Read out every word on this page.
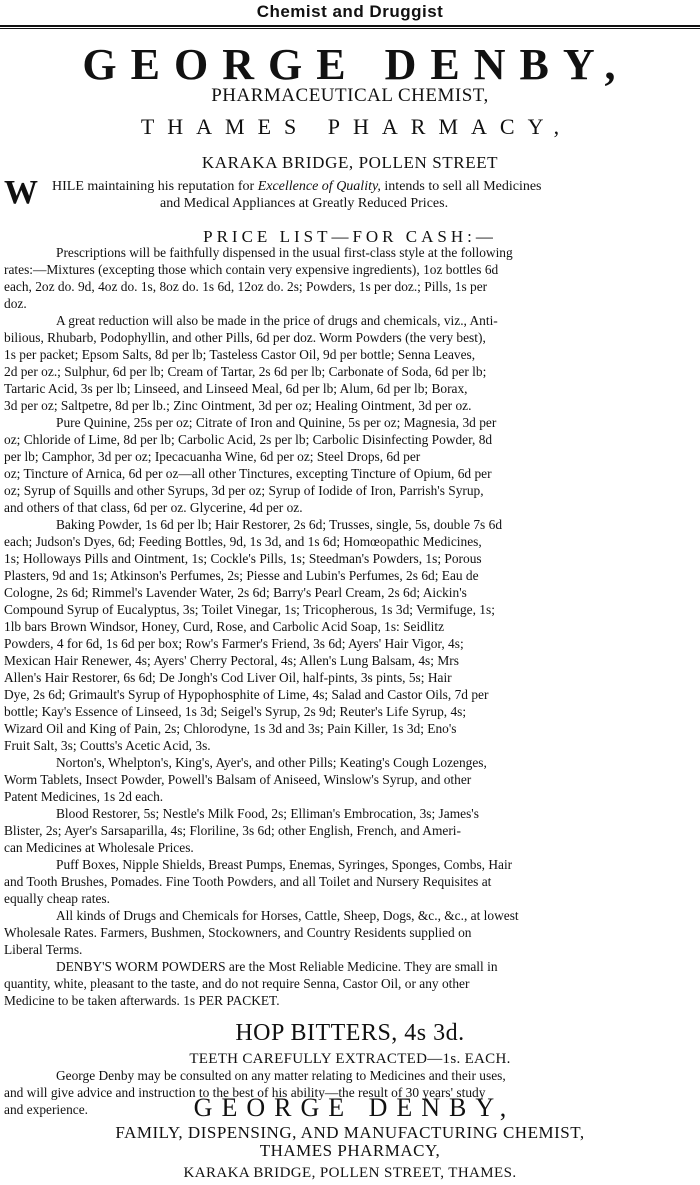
Chemist and Druggist
GEORGE DENBY,
PHARMACEUTICAL CHEMIST,
THAMES PHARMACY,
KARAKA BRIDGE, POLLEN STREET
W HILE maintaining his reputation for Excellence of Quality, intends to sell all Medicines
and Medical Appliances at Greatly Reduced Prices.
PRICE LIST—FOR CASH:—
Prescriptions will be faithfully dispensed in the usual first-class style at the following
rates:—Mixtures (excepting those which contain very expensive ingredients), 1oz bottles 6d
each, 2oz do. 9d, 4oz do. 1s, 8oz do. 1s 6d, 12oz do. 2s; Powders, 1s per doz.; Pills, 1s per
doz.
A great reduction will also be made in the price of drugs and chemicals, viz., Anti-
bilious, Rhubarb, Podophyllin, and other Pills, 6d per doz. Worm Powders (the very best),
1s per packet; Epsom Salts, 8d per lb; Tasteless Castor Oil, 9d per bottle; Senna Leaves,
2d per oz.; Sulphur, 6d per lb; Cream of Tartar, 2s 6d per lb; Carbonate of Soda, 6d per lb;
Tartaric Acid, 3s per lb; Linseed, and Linseed Meal, 6d per lb; Alum, 6d per lb; Borax,
3d per oz; Saltpetre, 8d per lb.; Zinc Ointment, 3d per oz; Healing Ointment, 3d per oz.
Pure Quinine, 25s per oz; Citrate of Iron and Quinine, 5s per oz; Magnesia, 3d per
oz; Chloride of Lime, 8d per lb; Carbolic Acid, 2s per lb; Carbolic Disinfecting Powder, 8d
per lb; Camphor, 3d per oz; Ipecacuanha Wine, 6d per oz; Steel Drops, 6d per
oz; Tincture of Arnica, 6d per oz—all other Tinctures, excepting Tincture of Opium, 6d per
oz; Syrup of Squills and other Syrups, 3d per oz; Syrup of Iodide of Iron, Parrish's Syrup,
and others of that class, 6d per oz. Glycerine, 4d per oz.
Baking Powder, 1s 6d per lb; Hair Restorer, 2s 6d; Trusses, single, 5s, double 7s 6d
each; Judson's Dyes, 6d; Feeding Bottles, 9d, 1s 3d, and 1s 6d; Homœopathic Medicines,
1s; Holloways Pills and Ointment, 1s; Cockle's Pills, 1s; Steedman's Powders, 1s; Porous
Plasters, 9d and 1s; Atkinson's Perfumes, 2s; Piesse and Lubin's Perfumes, 2s 6d; Eau de
Cologne, 2s 6d; Rimmel's Lavender Water, 2s 6d; Barry's Pearl Cream, 2s 6d; Aickin's
Compound Syrup of Eucalyptus, 3s; Toilet Vinegar, 1s; Tricopherous, 1s 3d; Vermifuge, 1s;
1lb bars Brown Windsor, Honey, Curd, Rose, and Carbolic Acid Soap, 1s: Seidlitz
Powders, 4 for 6d, 1s 6d per box; Row's Farmer's Friend, 3s 6d; Ayers' Hair Vigor, 4s;
Mexican Hair Renewer, 4s; Ayers' Cherry Pectoral, 4s; Allen's Lung Balsam, 4s; Mrs
Allen's Hair Restorer, 6s 6d; De Jongh's Cod Liver Oil, half-pints, 3s pints, 5s; Hair
Dye, 2s 6d; Grimault's Syrup of Hypophosphite of Lime, 4s; Salad and Castor Oils, 7d per
bottle; Kay's Essence of Linseed, 1s 3d; Seigel's Syrup, 2s 9d; Reuter's Life Syrup, 4s;
Wizard Oil and King of Pain, 2s; Chlorodyne, 1s 3d and 3s; Pain Killer, 1s 3d; Eno's
Fruit Salt, 3s; Coutts's Acetic Acid, 3s.
Norton's, Whelpton's, King's, Ayer's, and other Pills; Keating's Cough Lozenges,
Worm Tablets, Insect Powder, Powell's Balsam of Aniseed, Winslow's Syrup, and other
Patent Medicines, 1s 2d each.
Blood Restorer, 5s; Nestle's Milk Food, 2s; Elliman's Embrocation, 3s; James's
Blister, 2s; Ayer's Sarsaparilla, 4s; Floriline, 3s 6d; other English, French, and Ameri-
can Medicines at Wholesale Prices.
Puff Boxes, Nipple Shields, Breast Pumps, Enemas, Syringes, Sponges, Combs, Hair
and Tooth Brushes, Pomades. Fine Tooth Powders, and all Toilet and Nursery Requisites at
equally cheap rates.
All kinds of Drugs and Chemicals for Horses, Cattle, Sheep, Dogs, &c., &c., at lowest
Wholesale Rates. Farmers, Bushmen, Stockowners, and Country Residents supplied on
Liberal Terms.
DENBY'S WORM POWDERS are the Most Reliable Medicine. They are small in
quantity, white, pleasant to the taste, and do not require Senna, Castor Oil, or any other
Medicine to be taken afterwards. 1s PER PACKET.
HOP BITTERS, 4s 3d.
TEETH CAREFULLY EXTRACTED—1s. EACH.
George Denby may be consulted on any matter relating to Medicines and their uses,
and will give advice and instruction to the best of his ability—the result of 30 years' study
and experience.	GEORGE DENBY,
FAMILY, DISPENSING, AND MANUFACTURING CHEMIST,
THAMES PHARMACY,
KARAKA BRIDGE, POLLEN STREET, THAMES.
